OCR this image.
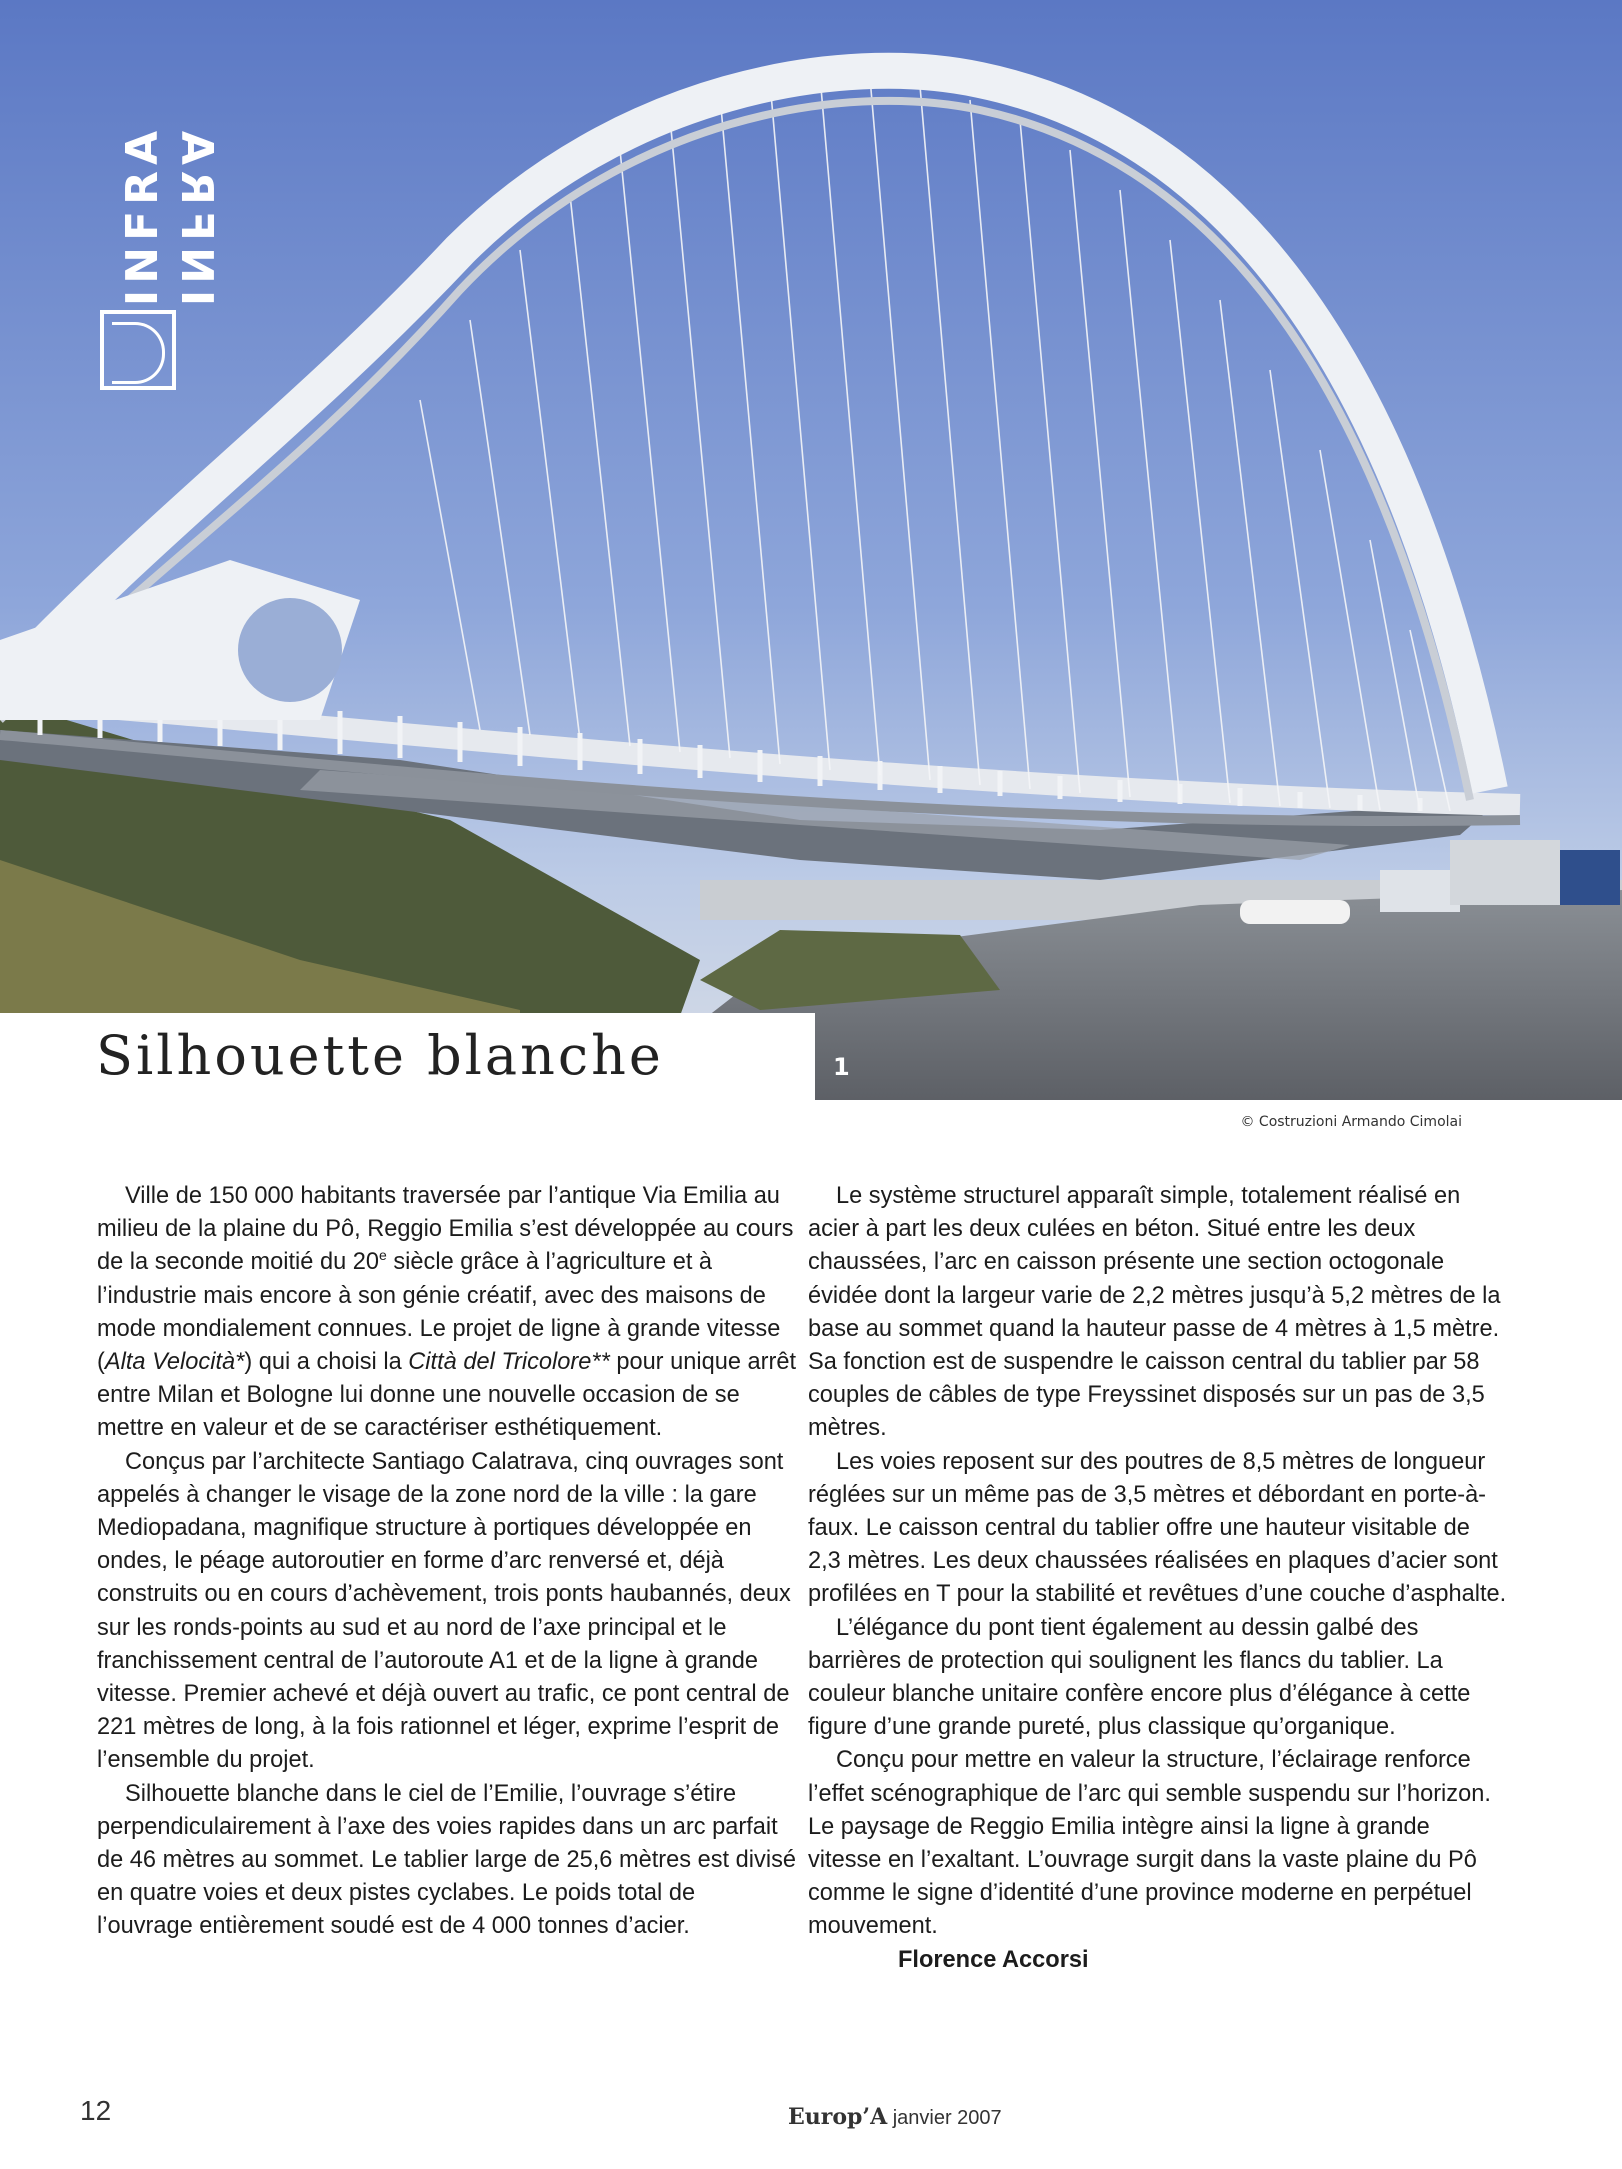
INFRA INFRA
Silhouette blanche	1
© Costruzioni Armando Cimolai

Ville de 150 000 habitants traversée par l’antique Via Emilia au milieu de la plaine du Pô, Reggio Emilia s’est développée au cours de la seconde moitié du 20e siècle grâce à l’agriculture et à l’industrie mais encore à son génie créatif, avec des maisons de mode mondialement connues. Le projet de ligne à grande vitesse (Alta Velocità*) qui a choisi la Città del Tricolore** pour unique arrêt entre Milan et Bologne lui donne une nouvelle occasion de se mettre en valeur et de se caractériser esthétiquement.

Conçus par l’architecte Santiago Calatrava, cinq ouvrages sont appelés à changer le visage de la zone nord de la ville : la gare Mediopadana, magnifique structure à portiques développée en ondes, le péage autoroutier en forme d’arc renversé et, déjà construits ou en cours d’achèvement, trois ponts haubannés, deux sur les ronds-points au sud et au nord de l’axe principal et le franchissement central de l’autoroute A1 et de la ligne à grande vitesse. Premier achevé et déjà ouvert au trafic, ce pont central de 221 mètres de long, à la fois rationnel et léger, exprime l’esprit de l’ensemble du projet.

Silhouette blanche dans le ciel de l’Emilie, l’ouvrage s’étire perpendiculairement à l’axe des voies rapides dans un arc parfait de 46 mètres au sommet. Le tablier large de 25,6 mètres est divisé en quatre voies et deux pistes cyclabes. Le poids total de l’ouvrage entièrement soudé est de 4 000 tonnes d’acier.

Le système structurel apparaît simple, totalement réalisé en acier à part les deux culées en béton. Situé entre les deux chaussées, l’arc en caisson présente une section octogonale évidée dont la largeur varie de 2,2 mètres jusqu’à 5,2 mètres de la base au sommet quand la hauteur passe de 4 mètres à 1,5 mètre. Sa fonction est de suspendre le caisson central du tablier par 58 couples de câbles de type Freyssinet disposés sur un pas de 3,5 mètres.

Les voies reposent sur des poutres de 8,5 mètres de longueur réglées sur un même pas de 3,5 mètres et débordant en porte-à-faux. Le caisson central du tablier offre une hauteur visitable de 2,3 mètres. Les deux chaussées réalisées en plaques d’acier sont profilées en T pour la stabilité et revêtues d’une couche d’asphalte.

L’élégance du pont tient également au dessin galbé des barrières de protection qui soulignent les flancs du tablier. La couleur blanche unitaire confère encore plus d’élégance à cette figure d’une grande pureté, plus classique qu’organique.

Conçu pour mettre en valeur la structure, l’éclairage renforce l’effet scénographique de l’arc qui semble suspendu sur l’horizon. Le paysage de Reggio Emilia intègre ainsi la ligne à grande vitesse en l’exaltant. L’ouvrage surgit dans la vaste plaine du Pô comme le signe d’identité d’une province moderne en perpétuel mouvement.

Florence Accorsi

12	Europ’A janvier 2007
